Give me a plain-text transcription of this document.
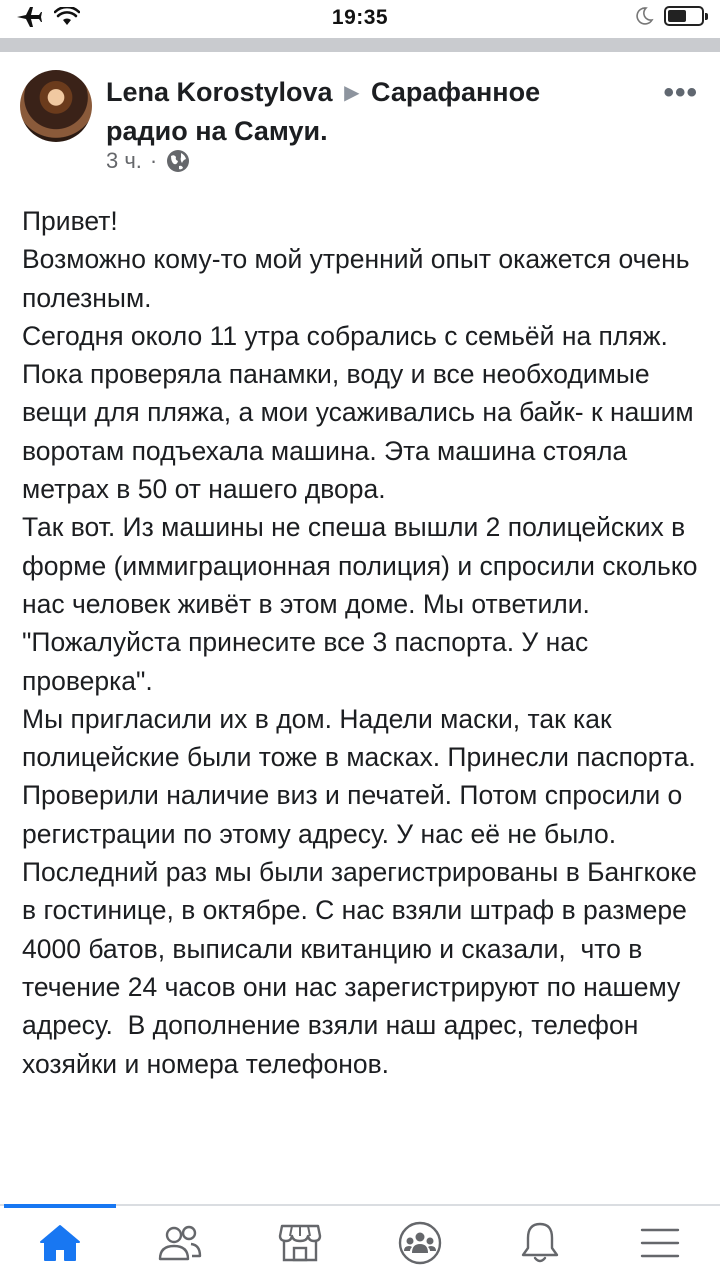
19:35
Lena Korostylova ▶ Сарафанное радио на Самуи.
•••
3 ч. ·

Привет!
Возможно кому-то мой утренний опыт окажется очень полезным.
Сегодня около 11 утра собрались с семьёй на пляж. Пока проверяла панамки, воду и все необходимые вещи для пляжа, а мои усаживались на байк- к нашим воротам подъехала машина. Эта машина стояла метрах в 50 от нашего двора.
Так вот. Из машины не спеша вышли 2 полицейских в форме (иммиграционная полиция) и спросили сколько нас человек живёт в этом доме. Мы ответили.  "Пожалуйста принесите все 3 паспорта. У нас проверка".
Мы пригласили их в дом. Надели маски, так как полицейские были тоже в масках. Принесли паспорта. Проверили наличие виз и печатей. Потом спросили о регистрации по этому адресу. У нас её не было. Последний раз мы были зарегистрированы в Бангкоке в гостинице, в октябре. С нас взяли штраф в размере 4000 батов, выписали квитанцию и сказали,  что в течение 24 часов они нас зарегистрируют по нашему адресу.  В дополнение взяли наш адрес, телефон хозяйки и номера телефонов.
